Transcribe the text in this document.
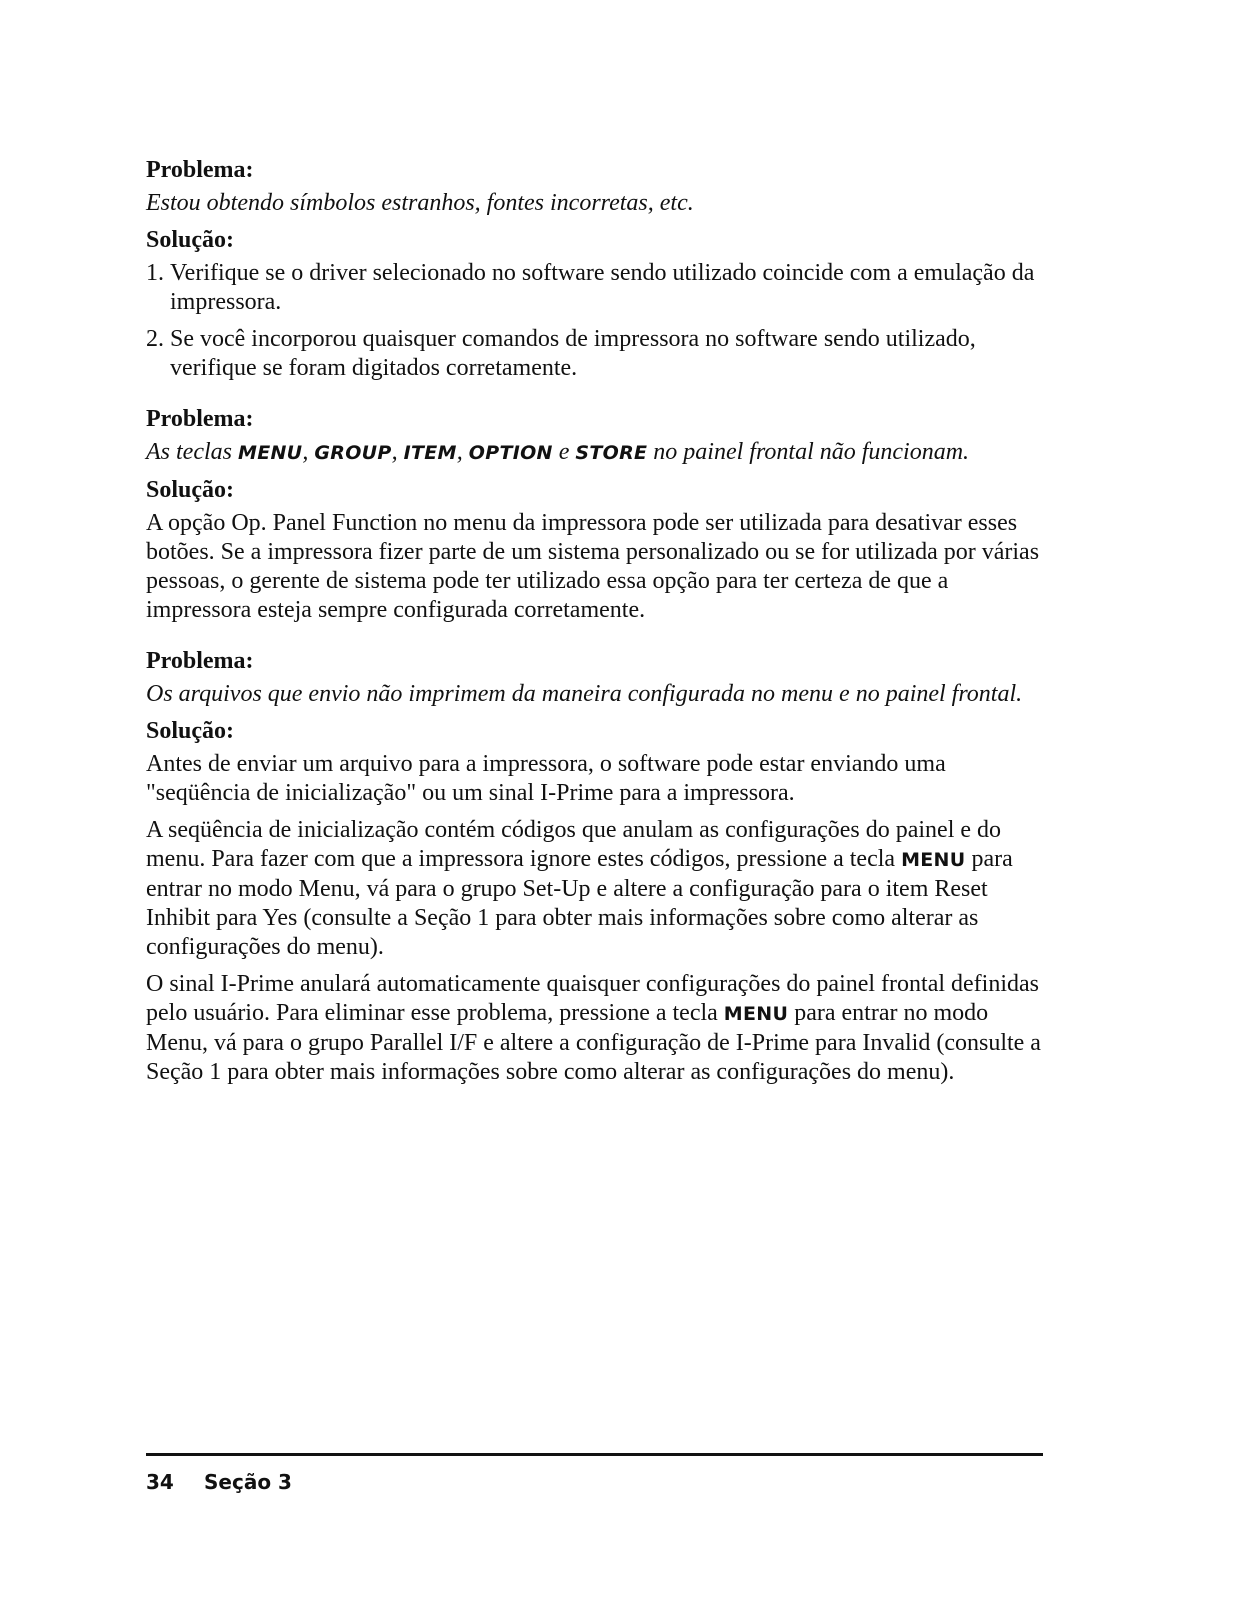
Problema:
Estou obtendo símbolos estranhos, fontes incorretas, etc.
Solução:
1. Verifique se o driver selecionado no software sendo utilizado coincide com a emulação da impressora.
2. Se você incorporou quaisquer comandos de impressora no software sendo utilizado, verifique se foram digitados corretamente.
Problema:
As teclas MENU, GROUP, ITEM, OPTION e STORE no painel frontal não funcionam.
Solução:

A opção Op. Panel Function no menu da impressora pode ser utilizada para desativar esses botões. Se a impressora fizer parte de um sistema personalizado ou se for utilizada por várias pessoas, o gerente de sistema pode ter utilizado essa opção para ter certeza de que a impressora esteja sempre configurada corretamente.

Problema:
Os arquivos que envio não imprimem da maneira configurada no menu e no painel frontal.
Solução:

Antes de enviar um arquivo para a impressora, o software pode estar enviando uma "seqüência de inicialização" ou um sinal I-Prime para a impressora.

A seqüência de inicialização contém códigos que anulam as configurações do painel e do menu. Para fazer com que a impressora ignore estes códigos, pressione a tecla MENU para entrar no modo Menu, vá para o grupo Set-Up e altere a configuração para o item Reset Inhibit para Yes (consulte a Seção 1 para obter mais informações sobre como alterar as configurações do menu).

O sinal I-Prime anulará automaticamente quaisquer configurações do painel frontal definidas pelo usuário. Para eliminar esse problema, pressione a tecla MENU para entrar no modo Menu, vá para o grupo Parallel I/F e altere a configuração de I-Prime para Invalid (consulte a Seção 1 para obter mais informações sobre como alterar as configurações do menu).

34 Seção 3
